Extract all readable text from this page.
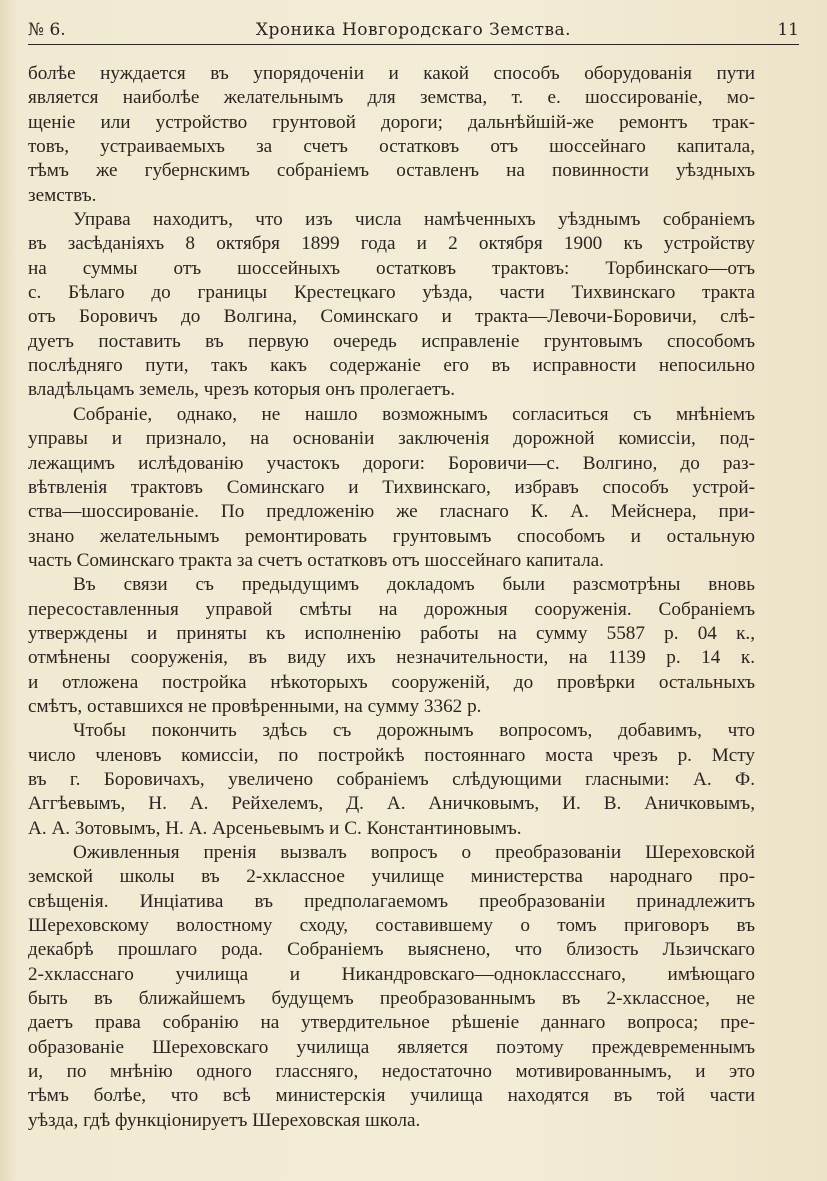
№ 6.	Хроника Новгородскаго Земства.	11
болѣе нуждается въ упорядоченіи и какой способъ оборудованія пути
является наиболѣе желательнымъ для земства, т. е. шоссированіе, мо-
щеніе или устройство грунтовой дороги; дальнѣйшій-же ремонтъ трак-
товъ, устраиваемыхъ за счетъ остатковъ отъ шоссейнаго капитала,
тѣмъ же губернскимъ собраніемъ оставленъ на повинности уѣздныхъ
земствъ.
Управа находитъ, что изъ числа намѣченныхъ уѣзднымъ собраніемъ
въ засѣданіяхъ 8 октября 1899 года и 2 октября 1900 къ устройству
на суммы отъ шоссейныхъ остатковъ трактовъ: Торбинскаго—отъ
с. Бѣлаго до границы Крестецкаго уѣзда, части Тихвинскаго тракта
отъ Боровичъ до Волгина, Соминскаго и тракта—Левочи-Боровичи, слѣ-
дуетъ поставить въ первую очередь исправленіе грунтовымъ способомъ
послѣдняго пути, такъ какъ содержаніе его въ исправности непосильно
владѣльцамъ земель, чрезъ которыя онъ пролегаетъ.
Собраніе, однако, не нашло возможнымъ согласиться съ мнѣніемъ
управы и признало, на основаніи заключенія дорожной комиссіи, под-
лежащимъ ислѣдованію участокъ дороги: Боровичи—с. Волгино, до раз-
вѣтвленія трактовъ Соминскаго и Тихвинскаго, избравъ способъ устрой-
ства—шоссированіе. По предложенію же гласнаго К. А. Мейснера, при-
знано желательнымъ ремонтировать грунтовымъ способомъ и остальную
часть Соминскаго тракта за счетъ остатковъ отъ шоссейнаго капитала.
Въ связи съ предыдущимъ докладомъ были разсмотрѣны вновь
пересоставленныя управой смѣты на дорожныя сооруженія. Собраніемъ
утверждены и приняты къ исполненію работы на сумму 5587 р. 04 к.,
отмѣнены сооруженія, въ виду ихъ незначительности, на 1139 р. 14 к.
и отложена постройка нѣкоторыхъ сооруженій, до провѣрки остальныхъ
смѣтъ, оставшихся не провѣренными, на сумму 3362 р.
Чтобы покончить здѣсь съ дорожнымъ вопросомъ, добавимъ, что
число членовъ комиссіи, по постройкѣ постояннаго моста чрезъ р. Мсту
въ г. Боровичахъ, увеличено собраніемъ слѣдующими гласными: А. Ф.
Аггѣевымъ, Н. А. Рейхелемъ, Д. А. Аничковымъ, И. В. Аничковымъ,
А. А. Зотовымъ, Н. А. Арсеньевымъ и С. Константиновымъ.
Оживленныя пренія вызвалъ вопросъ о преобразованіи Шереховской
земской школы въ 2-хклассное училище министерства народнаго про-
свѣщенія. Инціатива въ предполагаемомъ преобразованіи принадлежитъ
Шереховскому волостному сходу, составившему о томъ приговоръ въ
декабрѣ прошлаго рода. Собраніемъ выяснено, что близость Льзичскаго
2-хкласснаго училища и Никандровскаго—одноклассснаго, имѣющаго
быть въ ближайшемъ будущемъ преобразованнымъ въ 2-хклассное, не
даетъ права собранію на утвердительное рѣшеніе даннаго вопроса; пре-
образованіе Шереховскаго училища является поэтому преждевременнымъ
и, по мнѣнію одного глассняго, недостаточно мотивированнымъ, и это
тѣмъ болѣе, что всѣ министерскія училища находятся въ той части
уѣзда, гдѣ функціонируетъ Шереховская школа.
